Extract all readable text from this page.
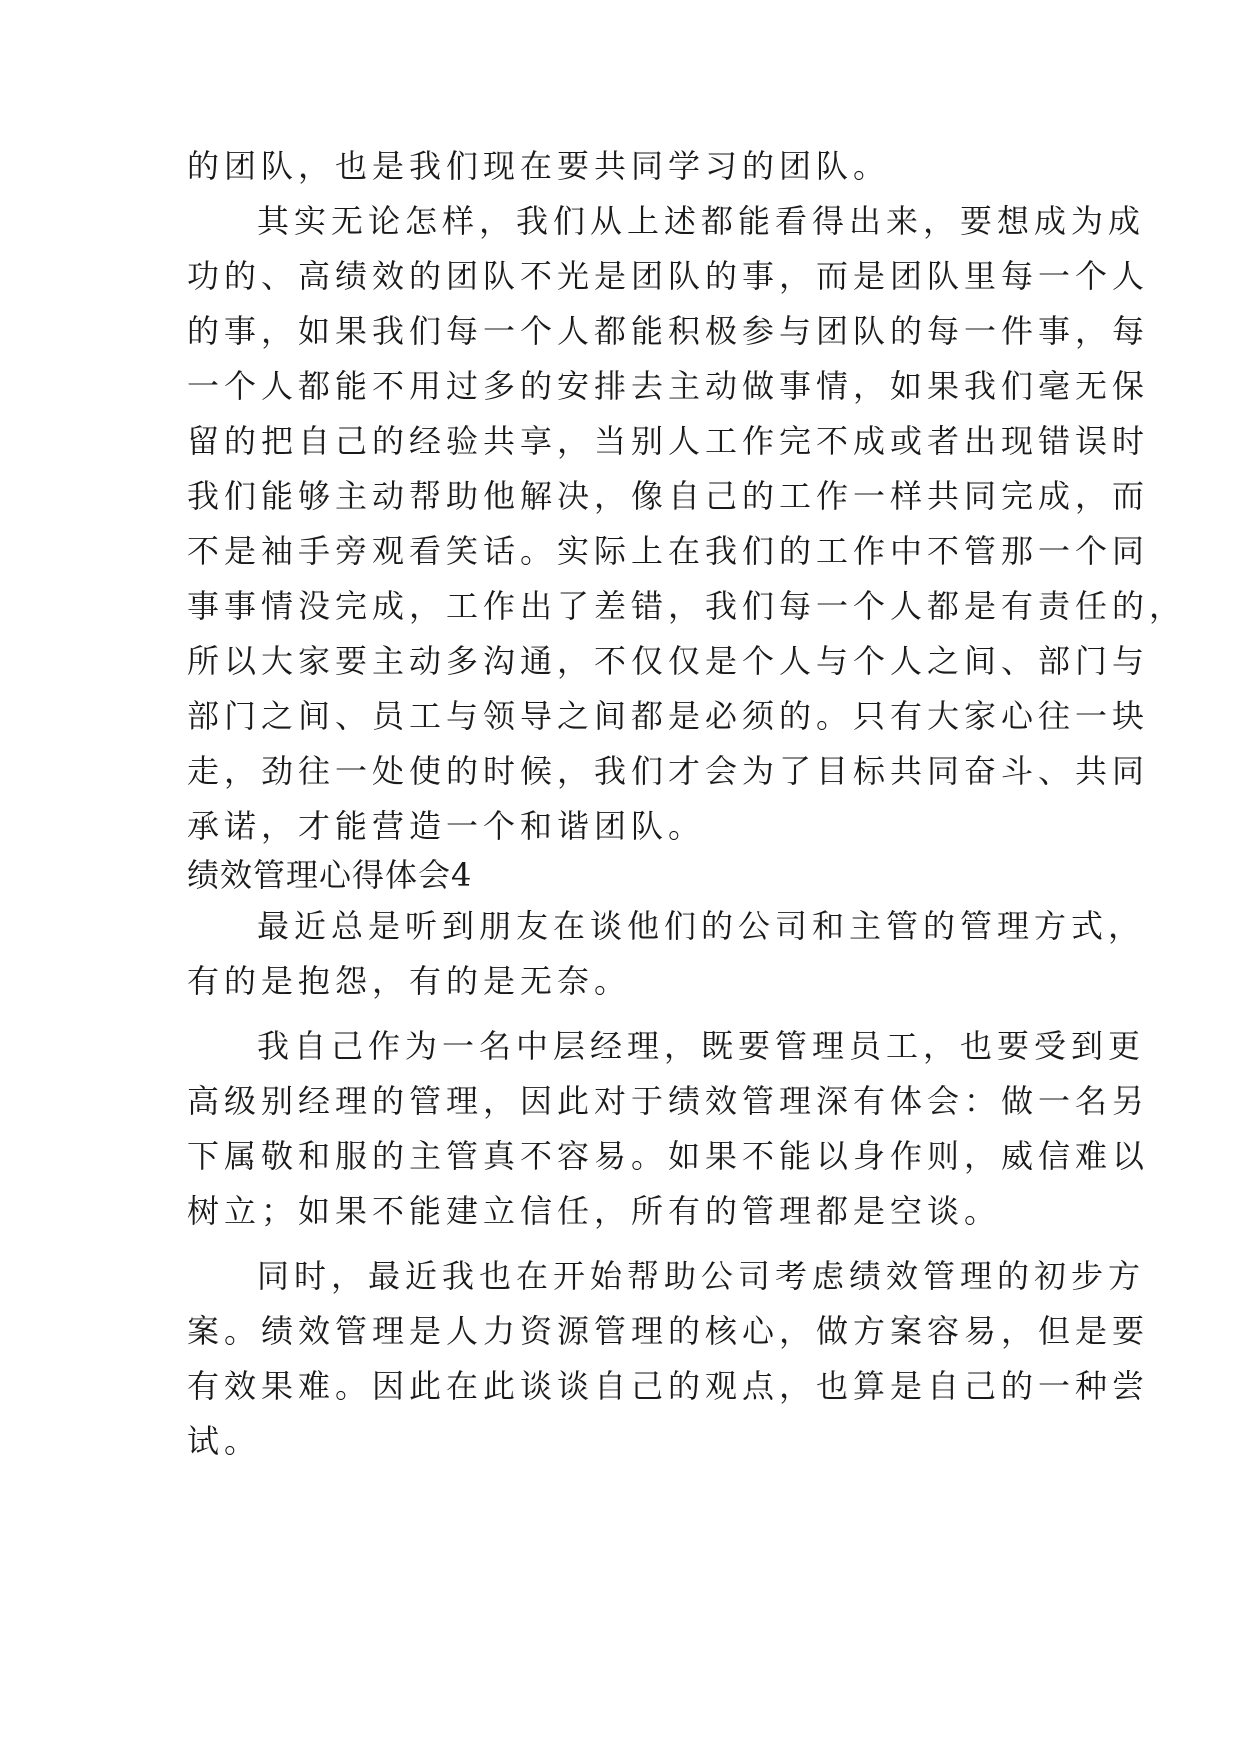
的团队，也是我们现在要共同学习的团队。
其实无论怎样，我们从上述都能看得出来，要想成为成
功的、高绩效的团队不光是团队的事，而是团队里每一个人
的事，如果我们每一个人都能积极参与团队的每一件事，每
一个人都能不用过多的安排去主动做事情，如果我们毫无保
留的把自己的经验共享，当别人工作完不成或者出现错误时
我们能够主动帮助他解决，像自己的工作一样共同完成，而
不是袖手旁观看笑话。实际上在我们的工作中不管那一个同
事事情没完成，工作出了差错，我们每一个人都是有责任的，
所以大家要主动多沟通，不仅仅是个人与个人之间、部门与
部门之间、员工与领导之间都是必须的。只有大家心往一块
走，劲往一处使的时候，我们才会为了目标共同奋斗、共同
承诺，才能营造一个和谐团队。
绩效管理心得体会4
最近总是听到朋友在谈他们的公司和主管的管理方式，
有的是抱怨，有的是无奈。
我自己作为一名中层经理，既要管理员工，也要受到更
高级别经理的管理，因此对于绩效管理深有体会：做一名另
下属敬和服的主管真不容易。如果不能以身作则，威信难以
树立；如果不能建立信任，所有的管理都是空谈。
同时，最近我也在开始帮助公司考虑绩效管理的初步方
案。绩效管理是人力资源管理的核心，做方案容易，但是要
有效果难。因此在此谈谈自己的观点，也算是自己的一种尝
试。
